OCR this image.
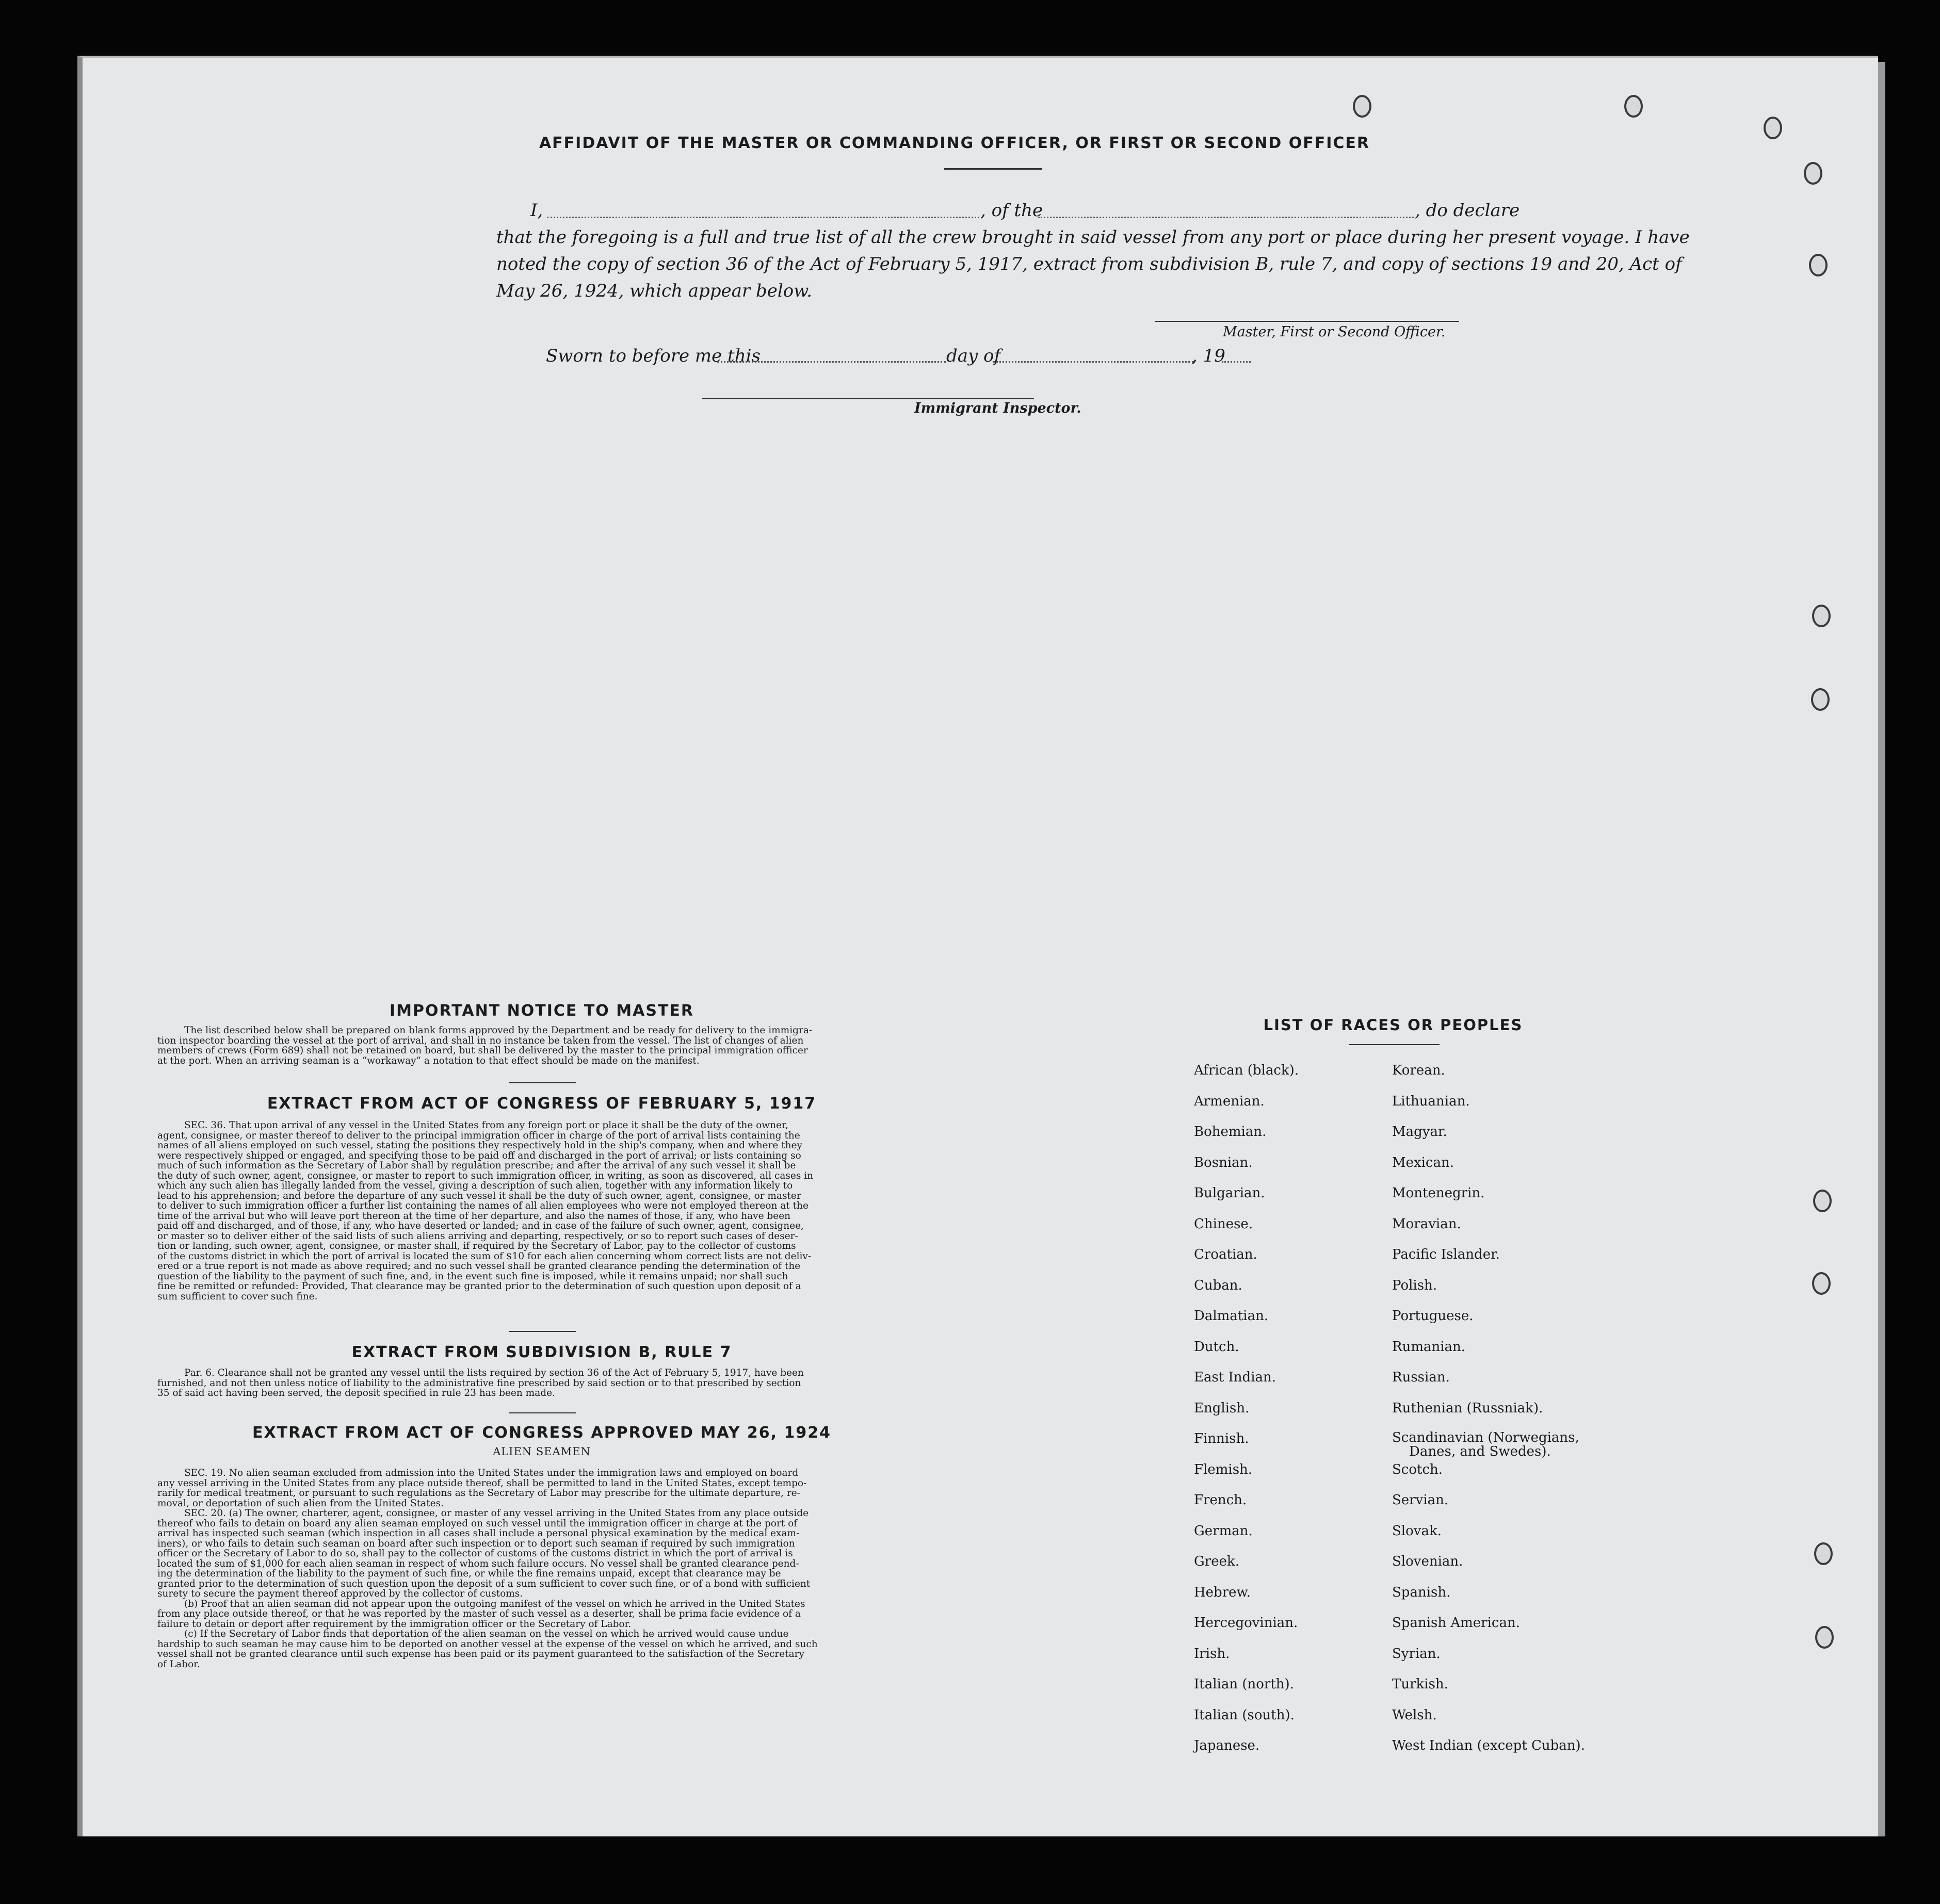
AFFIDAVIT OF THE MASTER OR COMMANDING OFFICER, OR FIRST OR SECOND OFFICER
I,	, of the	, do declare
that the foregoing is a full and true list of all the crew brought in said vessel from any port or place during her present voyage. I have
noted the copy of section 36 of the Act of February 5, 1917, extract from subdivision B, rule 7, and copy of sections 19 and 20, Act of
May 26, 1924, which appear below.
Master, First or Second Officer.
Sworn to before me this	day of	, 19
Immigrant Inspector.
IMPORTANT NOTICE TO MASTER
The list described below shall be prepared on blank forms approved by the Department and be ready for delivery to the immigra-
tion inspector boarding the vessel at the port of arrival, and shall in no instance be taken from the vessel. The list of changes of alien
members of crews (Form 689) shall not be retained on board, but shall be delivered by the master to the principal immigration officer
at the port. When an arriving seaman is a “workaway” a notation to that effect should be made on the manifest.
EXTRACT FROM ACT OF CONGRESS OF FEBRUARY 5, 1917
SEC. 36. That upon arrival of any vessel in the United States from any foreign port or place it shall be the duty of the owner,
agent, consignee, or master thereof to deliver to the principal immigration officer in charge of the port of arrival lists containing the
names of all aliens employed on such vessel, stating the positions they respectively hold in the ship's company, when and where they
were respectively shipped or engaged, and specifying those to be paid off and discharged in the port of arrival; or lists containing so
much of such information as the Secretary of Labor shall by regulation prescribe; and after the arrival of any such vessel it shall be
the duty of such owner, agent, consignee, or master to report to such immigration officer, in writing, as soon as discovered, all cases in
which any such alien has illegally landed from the vessel, giving a description of such alien, together with any information likely to
lead to his apprehension; and before the departure of any such vessel it shall be the duty of such owner, agent, consignee, or master
to deliver to such immigration officer a further list containing the names of all alien employees who were not employed thereon at the
time of the arrival but who will leave port thereon at the time of her departure, and also the names of those, if any, who have been
paid off and discharged, and of those, if any, who have deserted or landed; and in case of the failure of such owner, agent, consignee,
or master so to deliver either of the said lists of such aliens arriving and departing, respectively, or so to report such cases of deser-
tion or landing, such owner, agent, consignee, or master shall, if required by the Secretary of Labor, pay to the collector of customs
of the customs district in which the port of arrival is located the sum of $10 for each alien concerning whom correct lists are not deliv-
ered or a true report is not made as above required; and no such vessel shall be granted clearance pending the determination of the
question of the liability to the payment of such fine, and, in the event such fine is imposed, while it remains unpaid; nor shall such
fine be remitted or refunded: Provided, That clearance may be granted prior to the determination of such question upon deposit of a
sum sufficient to cover such fine.
EXTRACT FROM SUBDIVISION B, RULE 7
Par. 6. Clearance shall not be granted any vessel until the lists required by section 36 of the Act of February 5, 1917, have been
furnished, and not then unless notice of liability to the administrative fine prescribed by said section or to that prescribed by section
35 of said act having been served, the deposit specified in rule 23 has been made.
EXTRACT FROM ACT OF CONGRESS APPROVED MAY 26, 1924
ALIEN SEAMEN
SEC. 19. No alien seaman excluded from admission into the United States under the immigration laws and employed on board
any vessel arriving in the United States from any place outside thereof, shall be permitted to land in the United States, except tempo-
rarily for medical treatment, or pursuant to such regulations as the Secretary of Labor may prescribe for the ultimate departure, re-
moval, or deportation of such alien from the United States.
SEC. 20. (a) The owner, charterer, agent, consignee, or master of any vessel arriving in the United States from any place outside
thereof who fails to detain on board any alien seaman employed on such vessel until the immigration officer in charge at the port of
arrival has inspected such seaman (which inspection in all cases shall include a personal physical examination by the medical exam-
iners), or who fails to detain such seaman on board after such inspection or to deport such seaman if required by such immigration
officer or the Secretary of Labor to do so, shall pay to the collector of customs of the customs district in which the port of arrival is
located the sum of $1,000 for each alien seaman in respect of whom such failure occurs. No vessel shall be granted clearance pend-
ing the determination of the liability to the payment of such fine, or while the fine remains unpaid, except that clearance may be
granted prior to the determination of such question upon the deposit of a sum sufficient to cover such fine, or of a bond with sufficient
surety to secure the payment thereof approved by the collector of customs.
(b) Proof that an alien seaman did not appear upon the outgoing manifest of the vessel on which he arrived in the United States
from any place outside thereof, or that he was reported by the master of such vessel as a deserter, shall be prima facie evidence of a
failure to detain or deport after requirement by the immigration officer or the Secretary of Labor.
(c) If the Secretary of Labor finds that deportation of the alien seaman on the vessel on which he arrived would cause undue
hardship to such seaman he may cause him to be deported on another vessel at the expense of the vessel on which he arrived, and such
vessel shall not be granted clearance until such expense has been paid or its payment guaranteed to the satisfaction of the Secretary
of Labor.
LIST OF RACES OR PEOPLES
African (black).
Armenian.
Bohemian.
Bosnian.
Bulgarian.
Chinese.
Croatian.
Cuban.
Dalmatian.
Dutch.
East Indian.
English.
Finnish.
Flemish.
French.
German.
Greek.
Hebrew.
Hercegovinian.
Irish.
Italian (north).
Italian (south).
Japanese.
Korean.
Lithuanian.
Magyar.
Mexican.
Montenegrin.
Moravian.
Pacific Islander.
Polish.
Portuguese.
Rumanian.
Russian.
Ruthenian (Russniak).
Scandinavian (Norwegians,
Danes, and Swedes).
Scotch.
Servian.
Slovak.
Slovenian.
Spanish.
Spanish American.
Syrian.
Turkish.
Welsh.
West Indian (except Cuban).
